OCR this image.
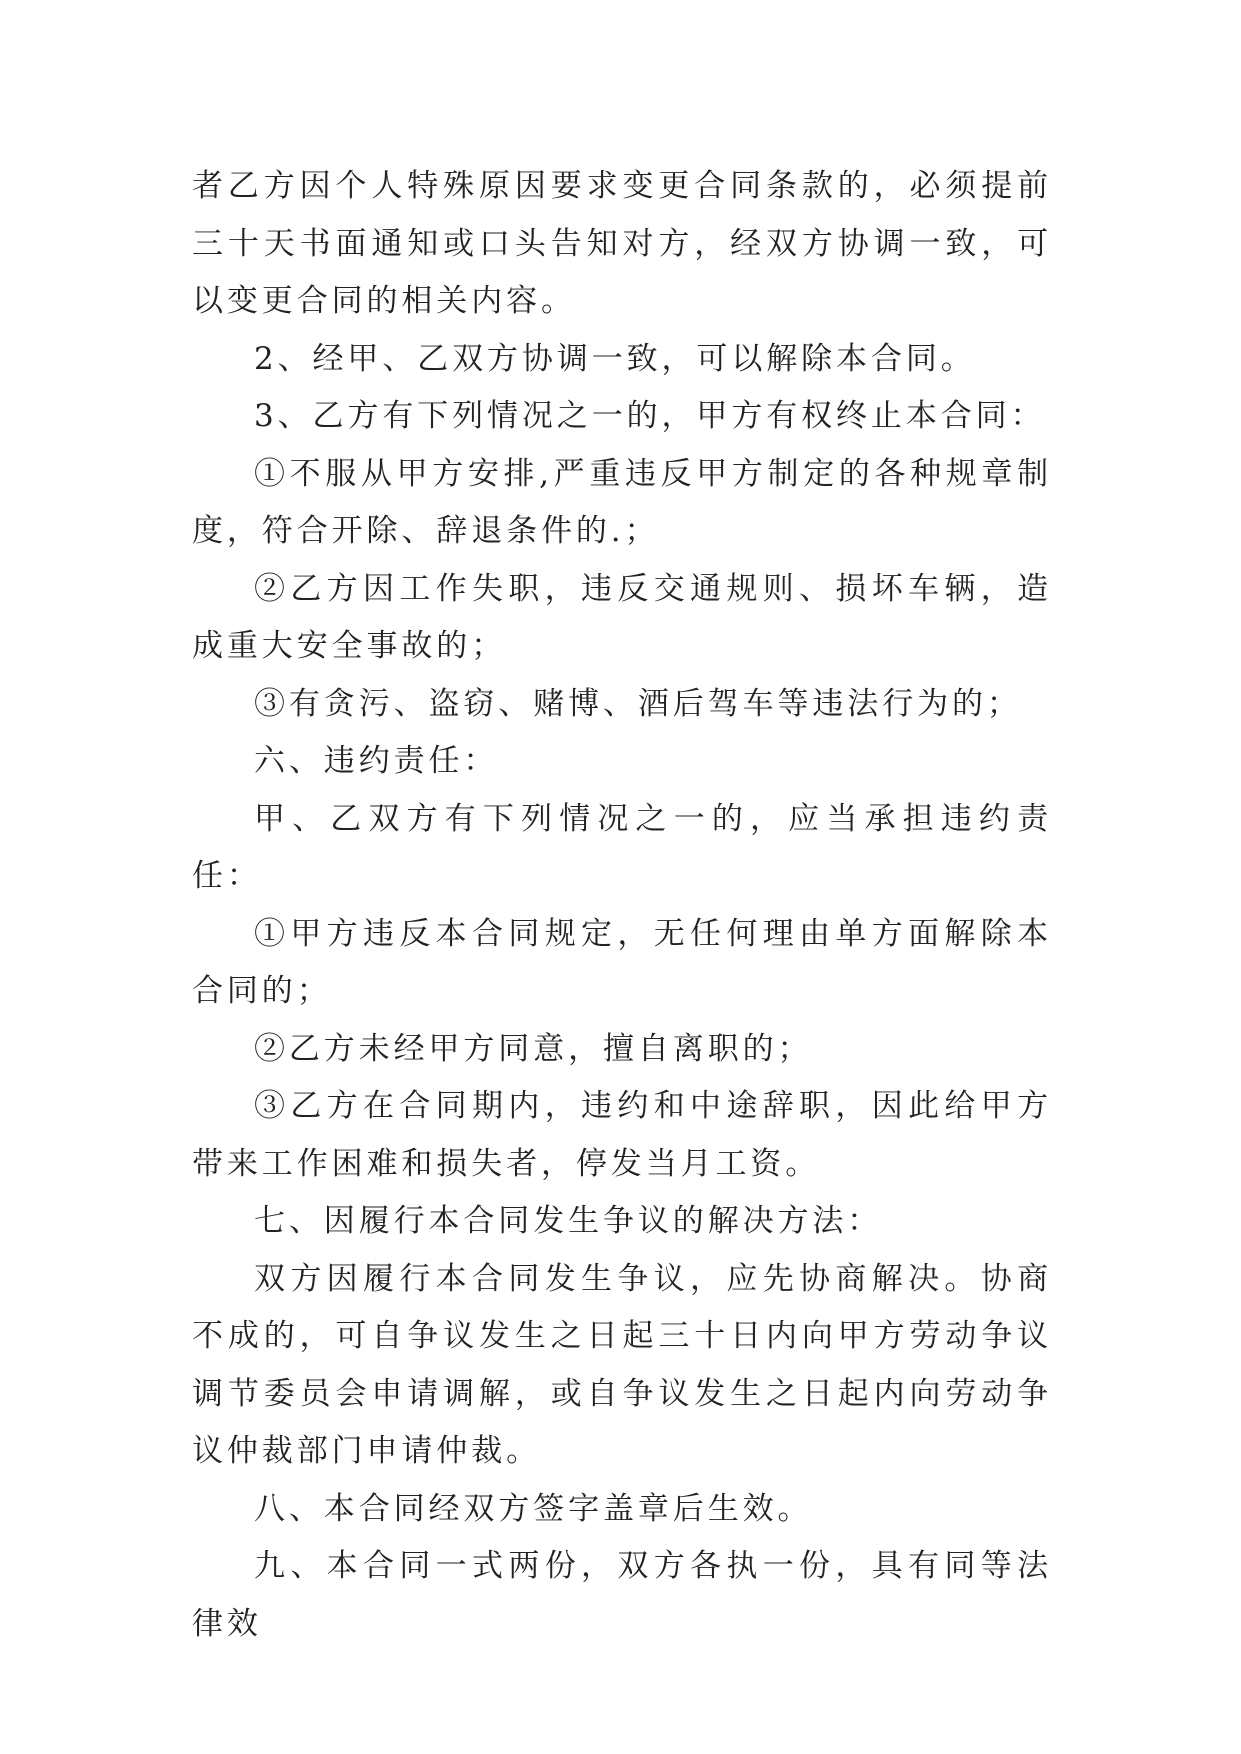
者乙方因个人特殊原因要求变更合同条款的，必须提前三十天书面通知或口头告知对方，经双方协调一致，可以变更合同的相关内容。

2、经甲、乙双方协调一致，可以解除本合同。

3、乙方有下列情况之一的，甲方有权终止本合同：

①不服从甲方安排,严重违反甲方制定的各种规章制度，符合开除、辞退条件的.；

②乙方因工作失职，违反交通规则、损坏车辆，造成重大安全事故的；

③有贪污、盗窃、赌博、酒后驾车等违法行为的；

六、违约责任：

甲、乙双方有下列情况之一的，应当承担违约责任：

①甲方违反本合同规定，无任何理由单方面解除本合同的；

②乙方未经甲方同意，擅自离职的；

③乙方在合同期内，违约和中途辞职，因此给甲方带来工作困难和损失者，停发当月工资。

七、因履行本合同发生争议的解决方法：

双方因履行本合同发生争议，应先协商解决。协商不成的，可自争议发生之日起三十日内向甲方劳动争议调节委员会申请调解，或自争议发生之日起内向劳动争议仲裁部门申请仲裁。

八、本合同经双方签字盖章后生效。

九、本合同一式两份，双方各执一份，具有同等法律效
